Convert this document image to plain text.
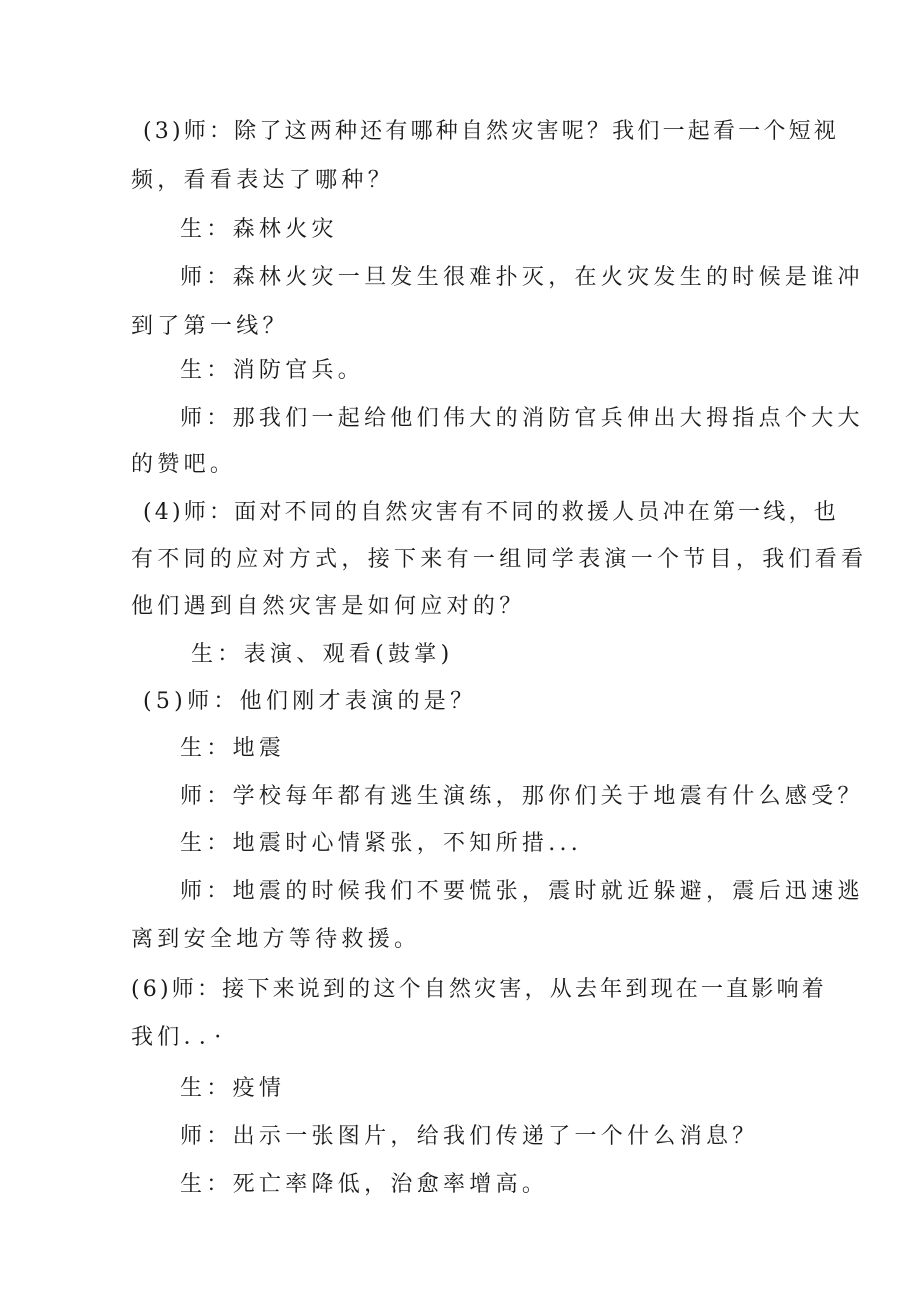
(3)师：除了这两种还有哪种自然灾害呢？我们一起看一个短视
频，看看表达了哪种？
生：森林火灾
师：森林火灾一旦发生很难扑灭，在火灾发生的时候是谁冲
到了第一线？
生：消防官兵。
师：那我们一起给他们伟大的消防官兵伸出大拇指点个大大
的赞吧。
(4)师：面对不同的自然灾害有不同的救援人员冲在第一线，也
有不同的应对方式，接下来有一组同学表演一个节目，我们看看
他们遇到自然灾害是如何应对的？
生：表演、观看(鼓掌)
(5)师：他们刚才表演的是？
生：地震
师：学校每年都有逃生演练，那你们关于地震有什么感受？
生：地震时心情紧张，不知所措...
师：地震的时候我们不要慌张，震时就近躲避，震后迅速逃
离到安全地方等待救援。
(6)师：接下来说到的这个自然灾害，从去年到现在一直影响着
我们．．·
生：疫情
师：出示一张图片，给我们传递了一个什么消息？
生：死亡率降低，治愈率增高。
